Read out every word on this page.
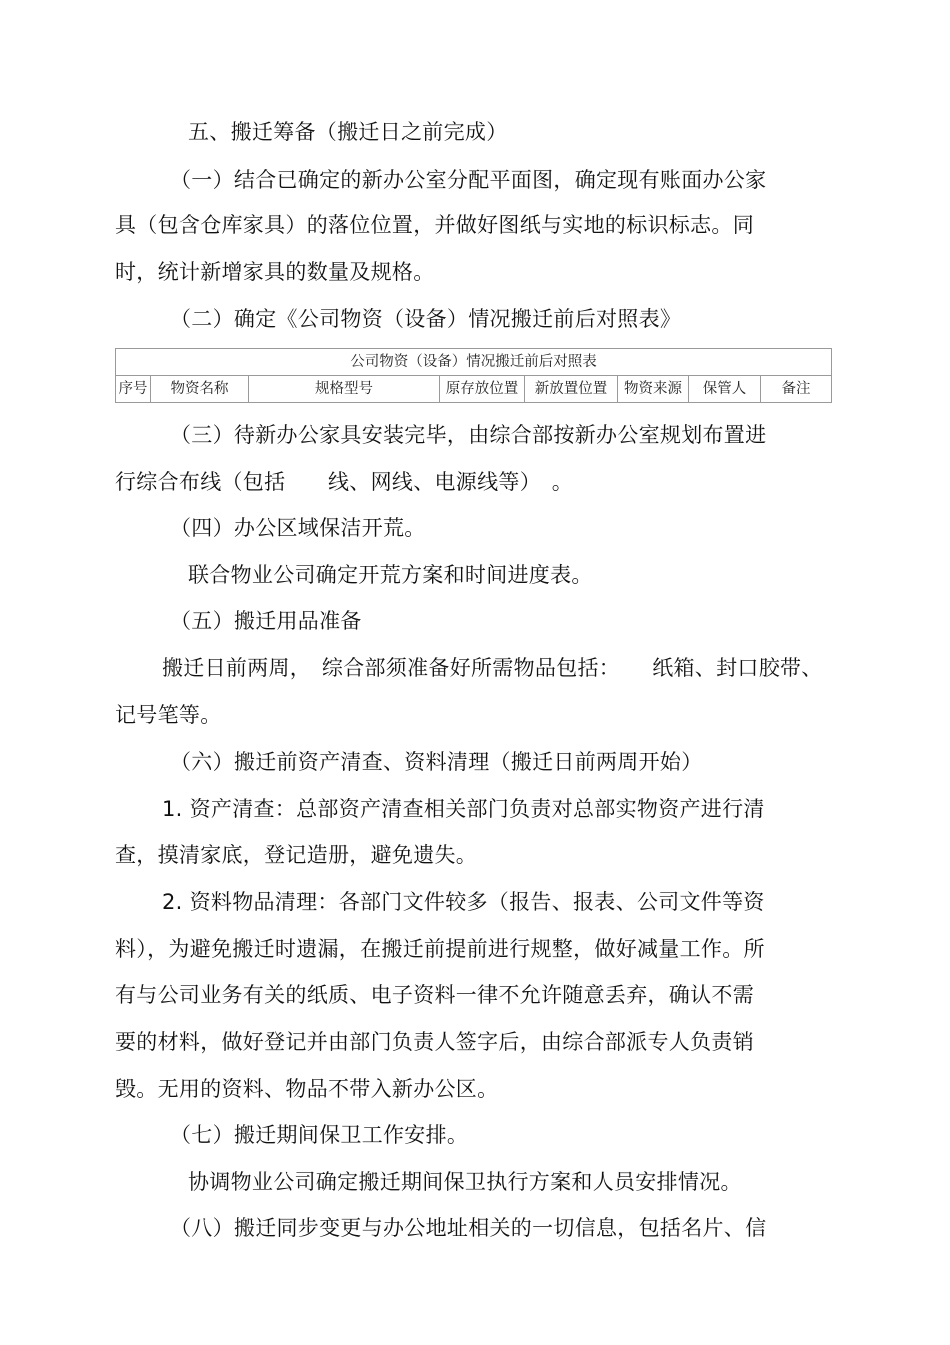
五、搬迁筹备（搬迁日之前完成）
（一）结合已确定的新办公室分配平面图，确定现有账面办公家
具（包含仓库家具）的落位位置，并做好图纸与实地的标识标志。同
时，统计新增家具的数量及规格。
（二）确定《公司物资（设备）情况搬迁前后对照表》
公司物资（设备）情况搬迁前后对照表
序号	物资名称	规格型号	原存放位置	新放置位置	物资来源	保管人	备注
（三）待新办公家具安装完毕，由综合部按新办公室规划布置进
行综合布线（包括　　线、网线、电源线等）　。
（四）办公区域保洁开荒。
联合物业公司确定开荒方案和时间进度表。
（五）搬迁用品准备
搬迁日前两周，　综合部须准备好所需物品包括：　　纸箱、封口胶带、
记号笔等。
（六）搬迁前资产清查、资料清理（搬迁日前两周开始）
1. 资产清查：总部资产清查相关部门负责对总部实物资产进行清
查，摸清家底，登记造册，避免遗失。
2. 资料物品清理：各部门文件较多（报告、报表、公司文件等资
料），为避免搬迁时遗漏，在搬迁前提前进行规整，做好减量工作。所
有与公司业务有关的纸质、电子资料一律不允许随意丢弃，确认不需
要的材料，做好登记并由部门负责人签字后，由综合部派专人负责销
毁。无用的资料、物品不带入新办公区。
（七）搬迁期间保卫工作安排。
协调物业公司确定搬迁期间保卫执行方案和人员安排情况。
（八）搬迁同步变更与办公地址相关的一切信息，包括名片、信
